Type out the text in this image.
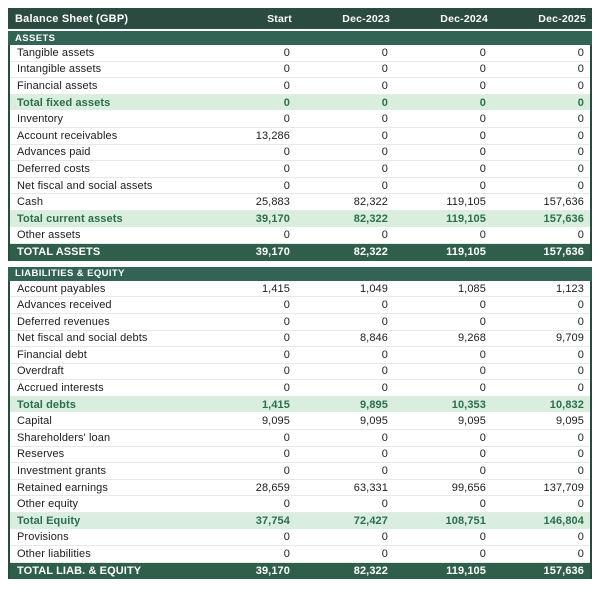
Balance Sheet (GBP)	Start	Dec-2023	Dec-2024	Dec-2025
ASSETS
Tangible assets	0	0	0	0
Intangible assets	0	0	0	0
Financial assets	0	0	0	0
Total fixed assets	0	0	0	0
Inventory	0	0	0	0
Account receivables	13,286	0	0	0
Advances paid	0	0	0	0
Deferred costs	0	0	0	0
Net fiscal and social assets	0	0	0	0
Cash	25,883	82,322	119,105	157,636
Total current assets	39,170	82,322	119,105	157,636
Other assets	0	0	0	0
TOTAL ASSETS	39,170	82,322	119,105	157,636
LIABILITIES & EQUITY
Account payables	1,415	1,049	1,085	1,123
Advances received	0	0	0	0
Deferred revenues	0	0	0	0
Net fiscal and social debts	0	8,846	9,268	9,709
Financial debt	0	0	0	0
Overdraft	0	0	0	0
Accrued interests	0	0	0	0
Total debts	1,415	9,895	10,353	10,832
Capital	9,095	9,095	9,095	9,095
Shareholders' loan	0	0	0	0
Reserves	0	0	0	0
Investment grants	0	0	0	0
Retained earnings	28,659	63,331	99,656	137,709
Other equity	0	0	0	0
Total Equity	37,754	72,427	108,751	146,804
Provisions	0	0	0	0
Other liabilities	0	0	0	0
TOTAL LIAB. & EQUITY	39,170	82,322	119,105	157,636
